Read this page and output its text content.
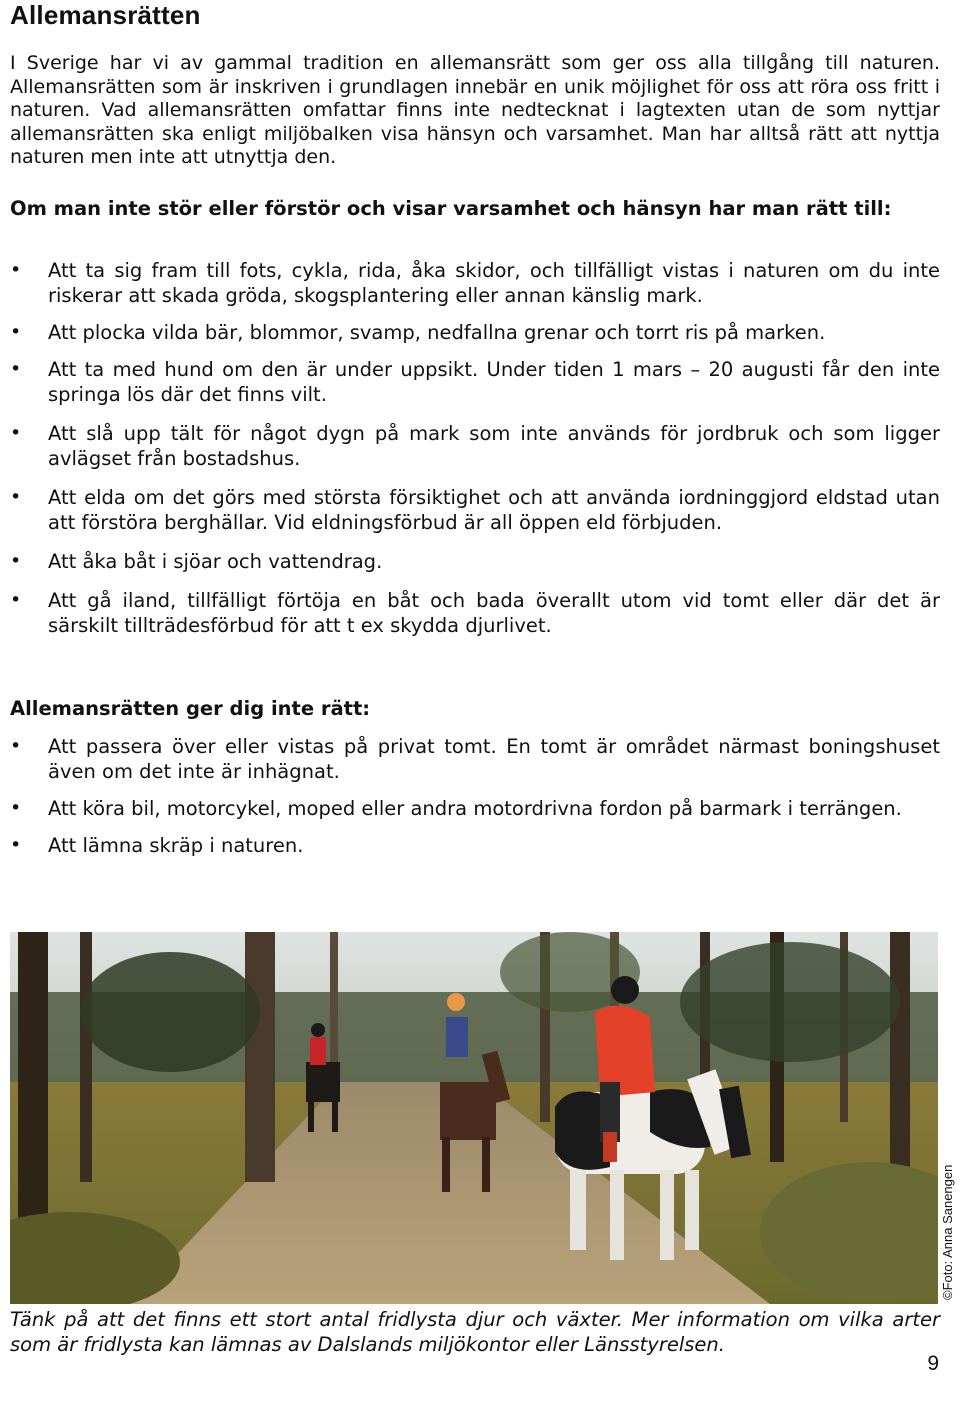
Allemansrätten

I Sverige har vi av gammal tradition en allemansrätt som ger oss alla tillgång till naturen. Allemansrätten som är inskriven i grundlagen innebär en unik möjlighet för oss att röra oss fritt i naturen. Vad allemansrätten omfattar finns inte nedtecknat i lagtexten utan de som nyttjar allemansrätten ska enligt miljöbalken visa hänsyn och varsamhet. Man har alltså rätt att nyttja naturen men inte att utnyttja den.

Om man inte stör eller förstör och visar varsamhet och hänsyn har man rätt till:

• Att ta sig fram till fots, cykla, rida, åka skidor, och tillfälligt vistas i naturen om du inte riskerar att skada gröda, skogsplantering eller annan känslig mark.
• Att plocka vilda bär, blommor, svamp, nedfallna grenar och torrt ris på marken.
• Att ta med hund om den är under uppsikt. Under tiden 1 mars – 20 augusti får den inte springa lös där det finns vilt.
• Att slå upp tält för något dygn på mark som inte används för jordbruk och som ligger avlägset från bostadshus.
• Att elda om det görs med största försiktighet och att använda iordninggjord eldstad utan att förstöra berghällar. Vid eldningsförbud är all öppen eld förbjuden.
• Att åka båt i sjöar och vattendrag.
• Att gå iland, tillfälligt förtöja en båt och bada överallt utom vid tomt eller där det är särskilt tillträdesförbud för att t ex skydda djurlivet.

Allemansrätten ger dig inte rätt:

• Att passera över eller vistas på privat tomt. En tomt är området närmast boningshuset även om det inte är inhägnat.
• Att köra bil, motorcykel, moped eller andra motordrivna fordon på barmark i terrängen.
• Att lämna skräp i naturen.
©Foto: Anna Sanengen

Tänk på att det finns ett stort antal fridlysta djur och växter. Mer information om vilka arter som är fridlysta kan lämnas av Dalslands miljökontor eller Länsstyrelsen.

9
